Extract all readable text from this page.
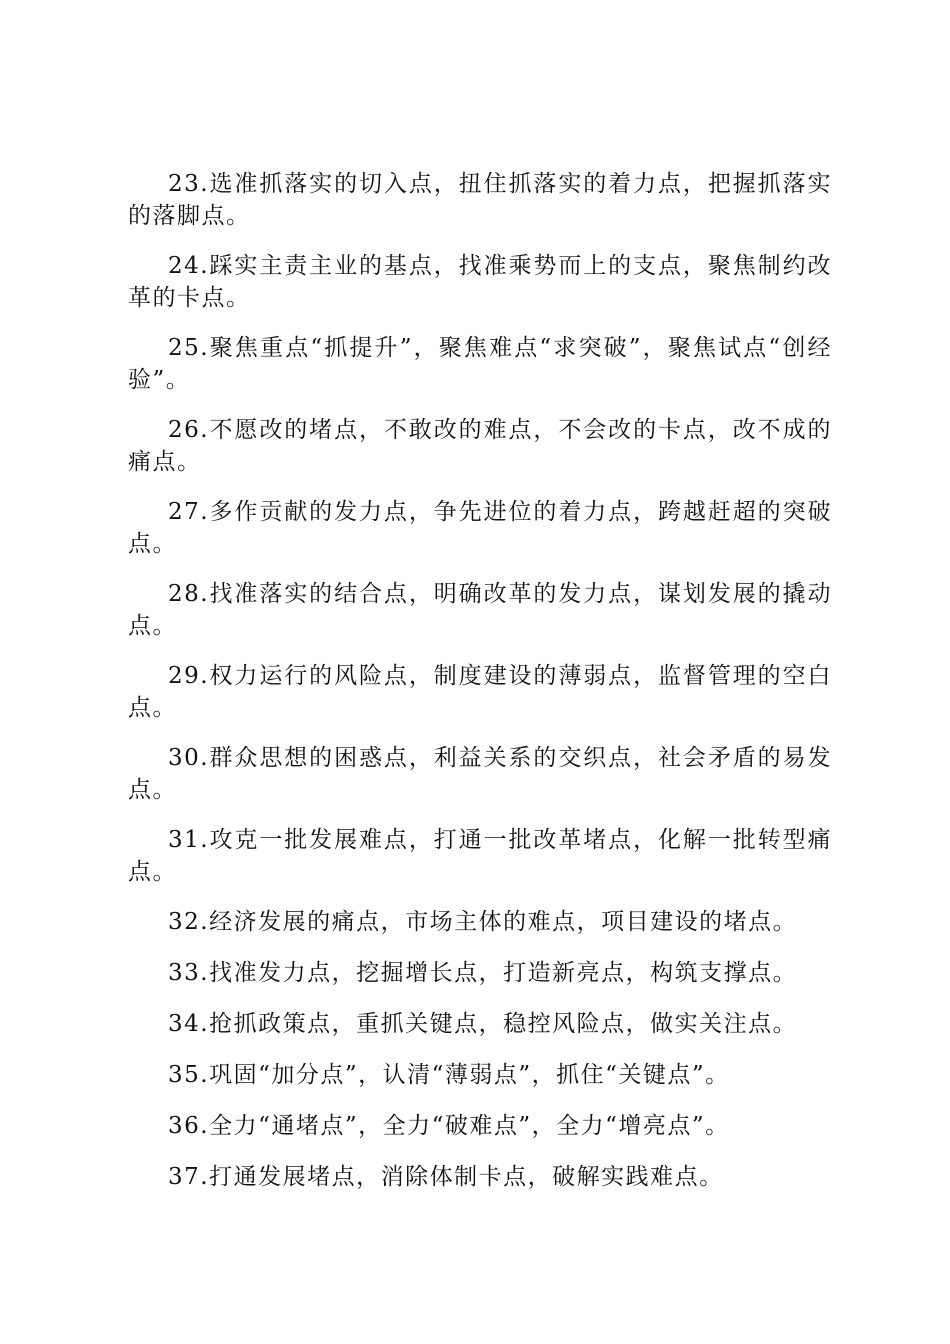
23.选准抓落实的切入点，扭住抓落实的着力点，把握抓落实的落脚点。

24.踩实主责主业的基点，找准乘势而上的支点，聚焦制约改革的卡点。

25.聚焦重点“抓提升”，聚焦难点“求突破”，聚焦试点“创经验”。

26.不愿改的堵点，不敢改的难点，不会改的卡点，改不成的痛点。

27.多作贡献的发力点，争先进位的着力点，跨越赶超的突破点。

28.找准落实的结合点，明确改革的发力点，谋划发展的撬动点。

29.权力运行的风险点，制度建设的薄弱点，监督管理的空白点。

30.群众思想的困惑点，利益关系的交织点，社会矛盾的易发点。

31.攻克一批发展难点，打通一批改革堵点，化解一批转型痛点。

32.经济发展的痛点，市场主体的难点，项目建设的堵点。

33.找准发力点，挖掘增长点，打造新亮点，构筑支撑点。

34.抢抓政策点，重抓关键点，稳控风险点，做实关注点。

35.巩固“加分点”，认清“薄弱点”，抓住“关键点”。

36.全力“通堵点”，全力“破难点”，全力“增亮点”。

37.打通发展堵点，消除体制卡点，破解实践难点。
